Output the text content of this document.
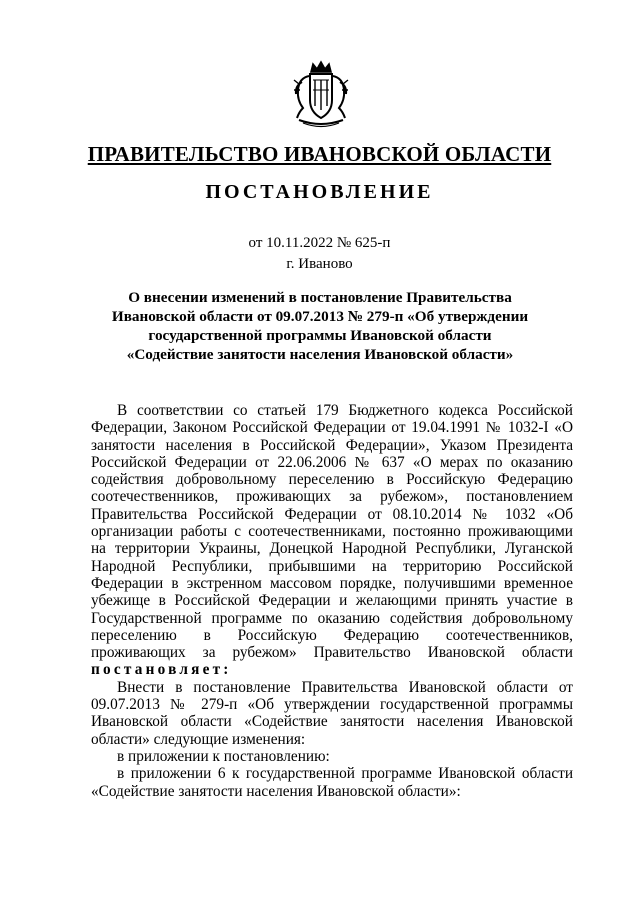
ПРАВИТЕЛЬСТВО ИВАНОВСКОЙ ОБЛАСТИ
ПОСТАНОВЛЕНИЕ
от 10.11.2022 № 625-п
г. Иваново
О внесении изменений в постановление Правительства Ивановской области от 09.07.2013 № 279-п «Об утверждении государственной программы Ивановской области «Содействие занятости населения Ивановской области»

В соответствии со статьей 179 Бюджетного кодекса Российской Федерации, Законом Российской Федерации от 19.04.1991 № 1032-I «О занятости населения в Российской Федерации», Указом Президента Российской Федерации от 22.06.2006 № 637 «О мерах по оказанию содействия добровольному переселению в Российскую Федерацию соотечественников, проживающих за рубежом», постановлением Правительства Российской Федерации от 08.10.2014 № 1032 «Об организации работы с соотечественниками, постоянно проживающими на территории Украины, Донецкой Народной Республики, Луганской Народной Республики, прибывшими на территорию Российской Федерации в экстренном массовом порядке, получившими временное убежище в Российской Федерации и желающими принять участие в Государственной программе по оказанию содействия добровольному переселению в Российскую Федерацию соотечественников, проживающих за рубежом» Правительство Ивановской области постановляет:

Внести в постановление Правительства Ивановской области от 09.07.2013 № 279-п «Об утверждении государственной программы Ивановской области «Содействие занятости населения Ивановской области» следующие изменения:

в приложении к постановлению:

в приложении 6 к государственной программе Ивановской области «Содействие занятости населения Ивановской области»:
